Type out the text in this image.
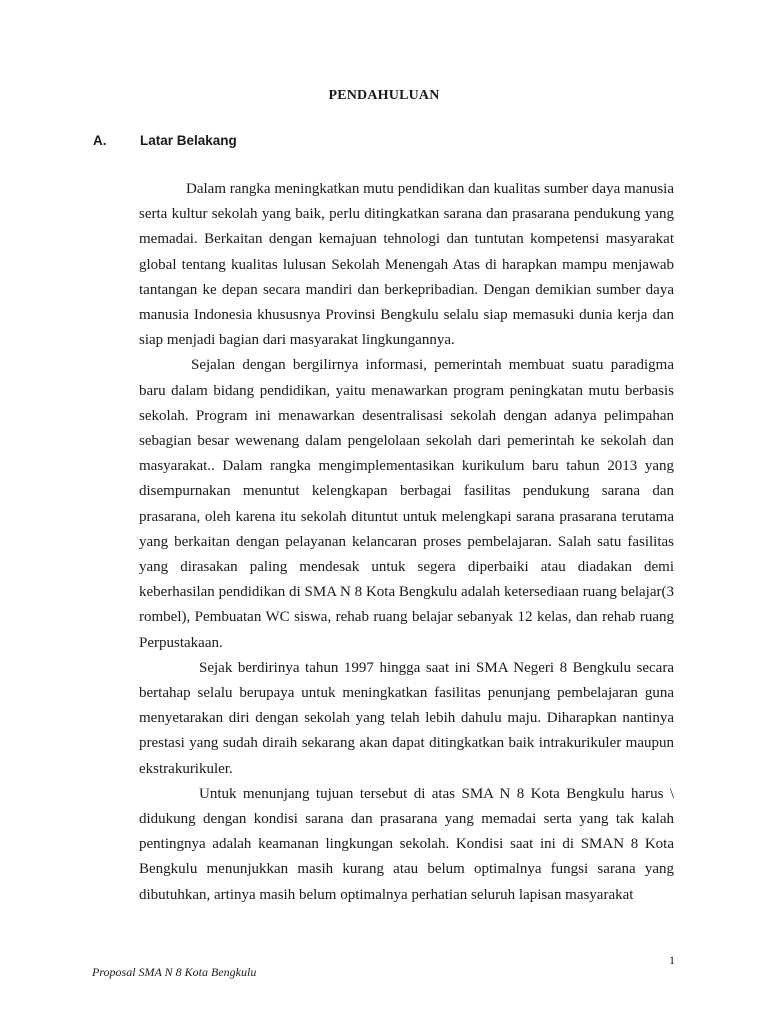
PENDAHULUAN
A. Latar Belakang

Dalam rangka meningkatkan mutu pendidikan dan kualitas sumber daya manusia serta kultur sekolah yang baik, perlu ditingkatkan sarana dan prasarana pendukung yang memadai. Berkaitan dengan kemajuan tehnologi dan tuntutan kompetensi masyarakat global tentang kualitas lulusan Sekolah Menengah Atas di harapkan mampu menjawab tantangan ke depan secara mandiri dan berkepribadian. Dengan demikian sumber daya manusia Indonesia khususnya Provinsi Bengkulu selalu siap memasuki dunia kerja dan siap menjadi bagian dari masyarakat lingkungannya.

Sejalan dengan bergilirnya informasi, pemerintah membuat suatu paradigma baru dalam bidang pendidikan, yaitu menawarkan program peningkatan mutu berbasis sekolah. Program ini menawarkan desentralisasi sekolah dengan adanya pelimpahan sebagian besar wewenang dalam pengelolaan sekolah dari pemerintah ke sekolah dan masyarakat.. Dalam rangka mengimplementasikan kurikulum baru tahun 2013 yang disempurnakan menuntut kelengkapan berbagai fasilitas pendukung sarana dan prasarana, oleh karena itu sekolah dituntut untuk melengkapi sarana prasarana terutama yang berkaitan dengan pelayanan kelancaran proses pembelajaran. Salah satu fasilitas yang dirasakan paling mendesak untuk segera diperbaiki atau diadakan demi keberhasilan pendidikan di SMA N 8 Kota Bengkulu adalah ketersediaan ruang belajar(3 rombel), Pembuatan WC siswa, rehab ruang belajar sebanyak 12 kelas, dan rehab ruang Perpustakaan.

Sejak berdirinya tahun 1997 hingga saat ini SMA Negeri 8 Bengkulu secara bertahap selalu berupaya untuk meningkatkan fasilitas penunjang pembelajaran guna menyetarakan diri dengan sekolah yang telah lebih dahulu maju. Diharapkan nantinya prestasi yang sudah diraih sekarang akan dapat ditingkatkan baik intrakurikuler maupun ekstrakurikuler.

Untuk menunjang tujuan tersebut di atas SMA N 8 Kota Bengkulu harus \ didukung dengan kondisi sarana dan prasarana yang memadai serta yang tak kalah pentingnya adalah keamanan lingkungan sekolah. Kondisi saat ini di SMAN 8 Kota Bengkulu menunjukkan masih kurang atau belum optimalnya fungsi sarana yang dibutuhkan, artinya masih belum optimalnya perhatian seluruh lapisan masyarakat

1
Proposal SMA N 8 Kota Bengkulu
